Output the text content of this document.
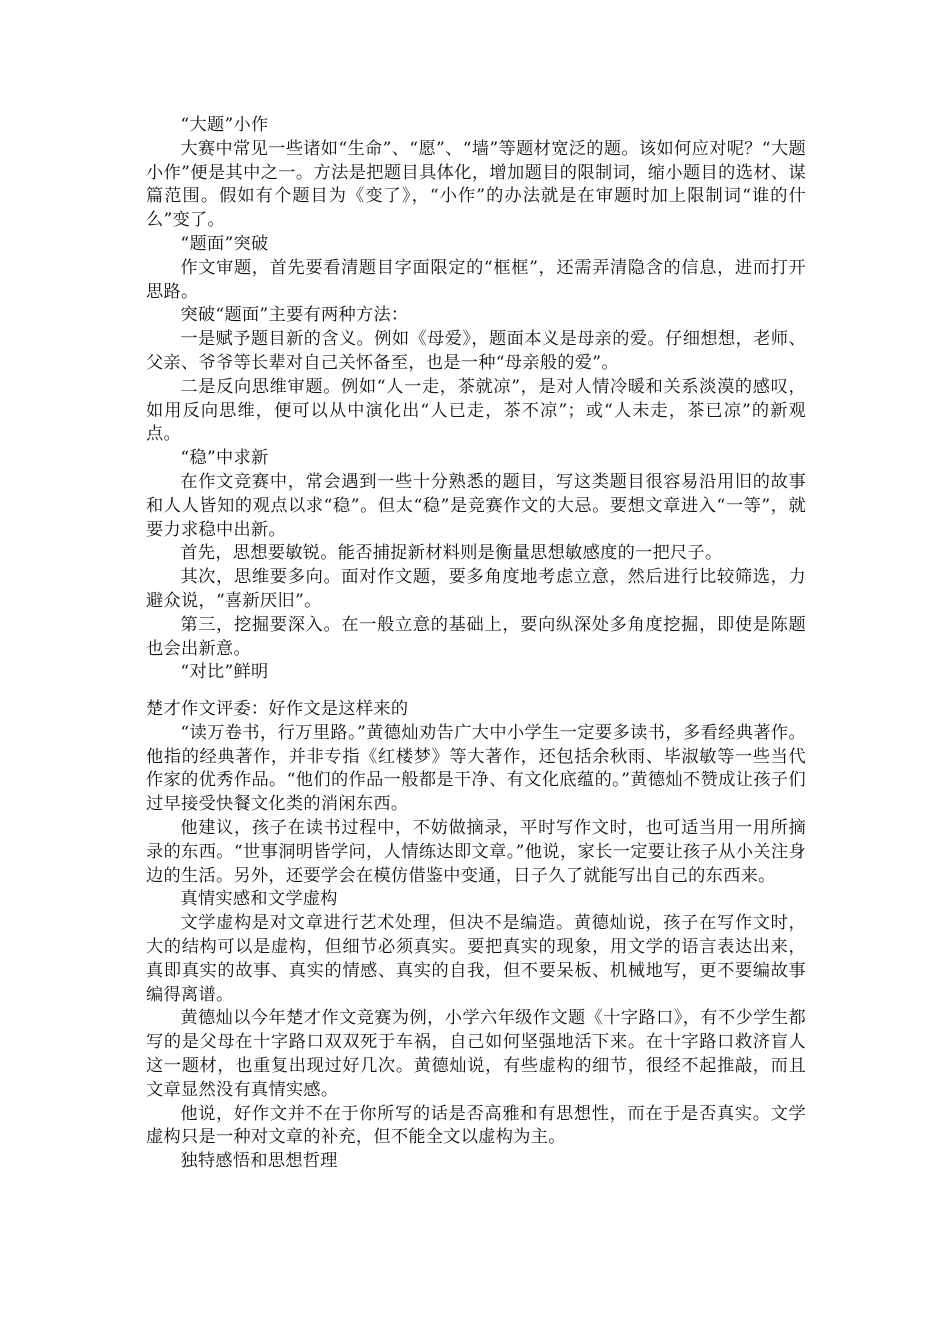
“大题”小作

大赛中常见一些诸如“生命”、“愿”、“墙”等题材宽泛的题。该如何应对呢？“大题小作”便是其中之一。方法是把题目具体化，增加题目的限制词，缩小题目的选材、谋篇范围。假如有个题目为《变了》，“小作”的办法就是在审题时加上限制词“谁的什么”变了。

“题面”突破

作文审题，首先要看清题目字面限定的“框框”，还需弄清隐含的信息，进而打开思路。

突破“题面”主要有两种方法：

一是赋予题目新的含义。例如《母爱》，题面本义是母亲的爱。仔细想想，老师、父亲、爷爷等长辈对自己关怀备至，也是一种“母亲般的爱”。

二是反向思维审题。例如“人一走，茶就凉”，是对人情冷暖和关系淡漠的感叹，如用反向思维，便可以从中演化出“人已走，茶不凉”；或“人未走，茶已凉”的新观点。

“稳”中求新

在作文竞赛中，常会遇到一些十分熟悉的题目，写这类题目很容易沿用旧的故事和人人皆知的观点以求“稳”。但太“稳”是竞赛作文的大忌。要想文章进入“一等”，就要力求稳中出新。

首先，思想要敏锐。能否捕捉新材料则是衡量思想敏感度的一把尺子。

其次，思维要多向。面对作文题，要多角度地考虑立意，然后进行比较筛选，力避众说，“喜新厌旧”。

第三，挖掘要深入。在一般立意的基础上，要向纵深处多角度挖掘，即使是陈题也会出新意。

“对比”鲜明

楚才作文评委：好作文是这样来的

“读万卷书，行万里路。”黄德灿劝告广大中小学生一定要多读书，多看经典著作。他指的经典著作，并非专指《红楼梦》等大著作，还包括余秋雨、毕淑敏等一些当代作家的优秀作品。“他们的作品一般都是干净、有文化底蕴的。”黄德灿不赞成让孩子们过早接受快餐文化类的消闲东西。

他建议，孩子在读书过程中，不妨做摘录，平时写作文时，也可适当用一用所摘录的东西。“世事洞明皆学问，人情练达即文章。”他说，家长一定要让孩子从小关注身边的生活。另外，还要学会在模仿借鉴中变通，日子久了就能写出自己的东西来。

真情实感和文学虚构

文学虚构是对文章进行艺术处理，但决不是编造。黄德灿说，孩子在写作文时，大的结构可以是虚构，但细节必须真实。要把真实的现象，用文学的语言表达出来，真即真实的故事、真实的情感、真实的自我，但不要呆板、机械地写，更不要编故事编得离谱。

黄德灿以今年楚才作文竞赛为例，小学六年级作文题《十字路口》，有不少学生都写的是父母在十字路口双双死于车祸，自己如何坚强地活下来。在十字路口救济盲人这一题材，也重复出现过好几次。黄德灿说，有些虚构的细节，很经不起推敲，而且文章显然没有真情实感。

他说，好作文并不在于你所写的话是否高雅和有思想性，而在于是否真实。文学虚构只是一种对文章的补充，但不能全文以虚构为主。

独特感悟和思想哲理
